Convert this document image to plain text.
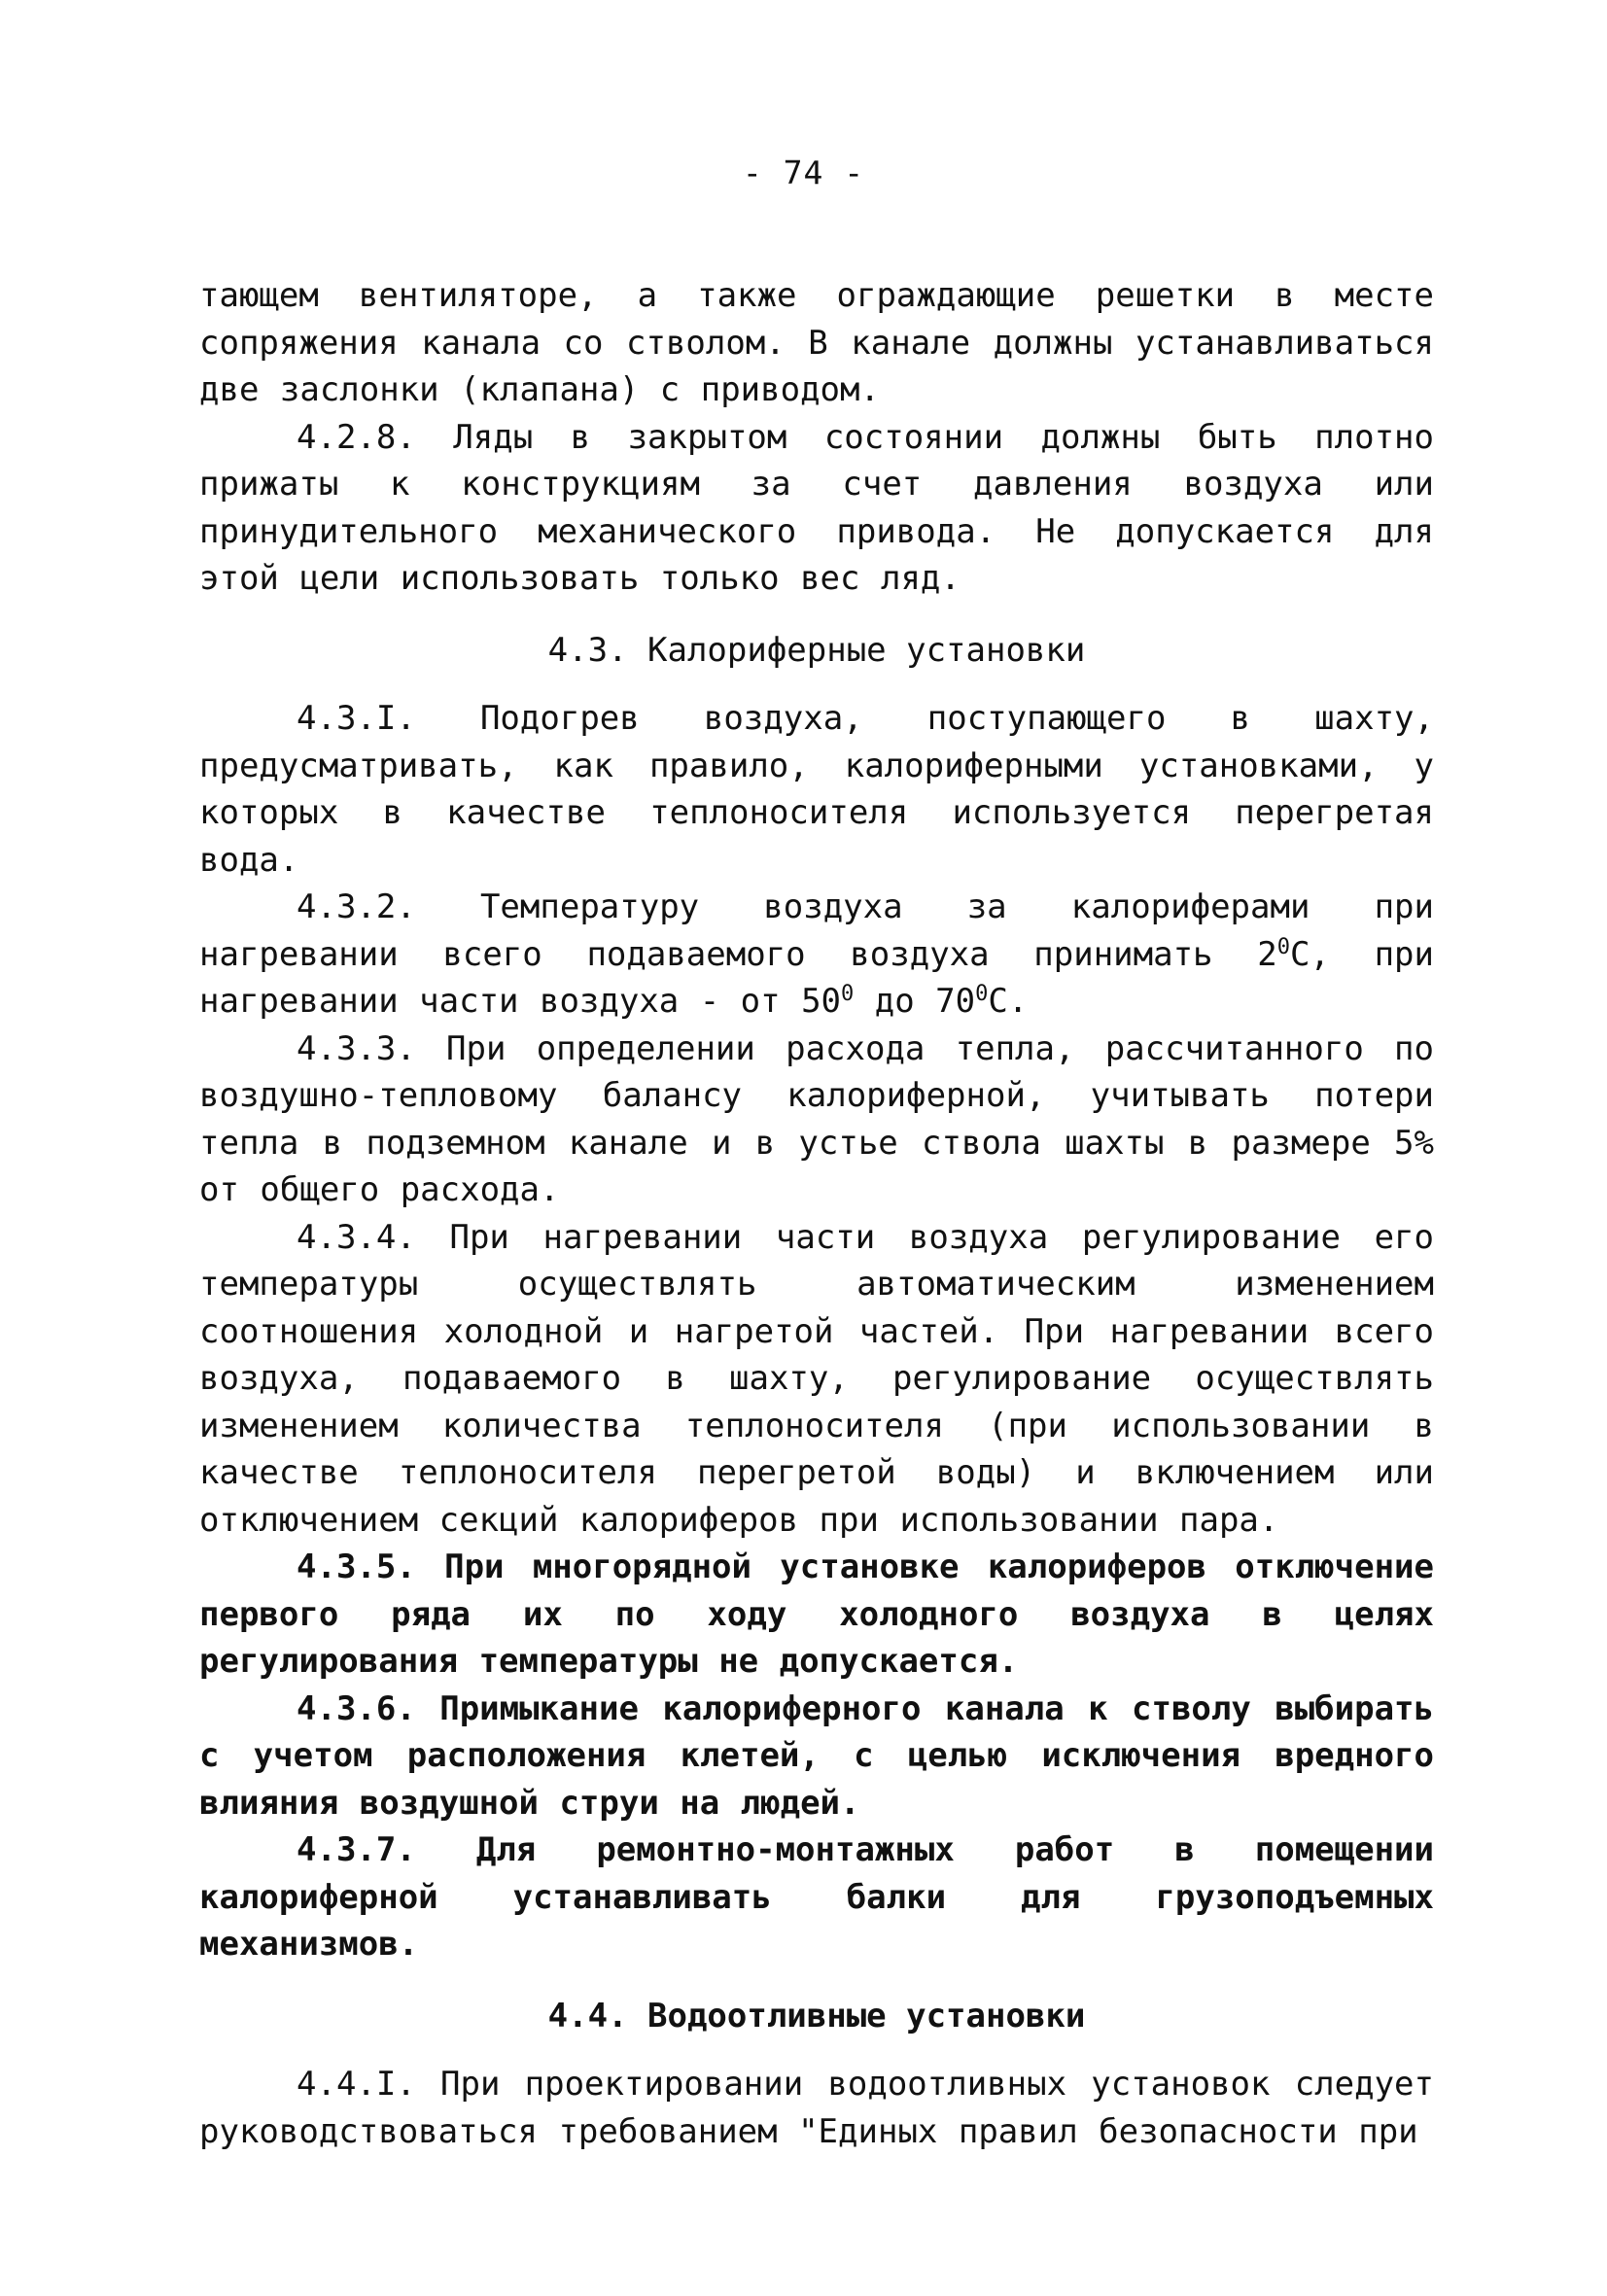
- 74 -

тающем вентиляторе, а также ограждающие решетки в месте сопряжения канала со стволом. В канале должны устанавливаться две заслонки (клапана) с приводом.

4.2.8. Ляды в закрытом состоянии должны быть плотно прижаты к конструкциям за счет давления воздуха или принудительного механического привода. Не допускается для этой цели использовать только вес ляд.

4.3. Калориферные установки

4.3.I. Подогрев воздуха, поступающего в шахту, предусматривать, как правило, калориферными установками, у которых в качестве теплоносителя используется перегретая вода.

4.3.2. Температуру воздуха за калориферами при нагревании всего подаваемого воздуха принимать $2^0С$, при нагревании части воздуха - от $50^0$ до $70^0С$.

4.3.3. При определении расхода тепла, рассчитанного по воздушно-тепловому балансу калориферной, учитывать потери тепла в подземном канале и в устье ствола шахты в размере 5% от общего расхода.

4.3.4. При нагревании части воздуха регулирование его температуры осуществлять автоматическим изменением соотношения холодной и нагретой частей. При нагревании всего воздуха, подаваемого в шахту, регулирование осуществлять изменением количества теплоносителя (при использовании в качестве теплоносителя перегретой воды) и включением или отключением секций калориферов при использовании пара.

4.3.5. При многорядной установке калориферов отключение первого ряда их по ходу холодного воздуха в целях регулирования температуры не допускается.

4.3.6. Примыкание калориферного канала к стволу выбирать с учетом расположения клетей, с целью исключения вредного влияния воздушной струи на людей.

4.3.7. Для ремонтно-монтажных работ в помещении калориферной устанавливать балки для грузоподъемных механизмов.

4.4. Водоотливные установки

4.4.I. При проектировании водоотливных установок следует руководствоваться требованием "Единых правил безопасности при
